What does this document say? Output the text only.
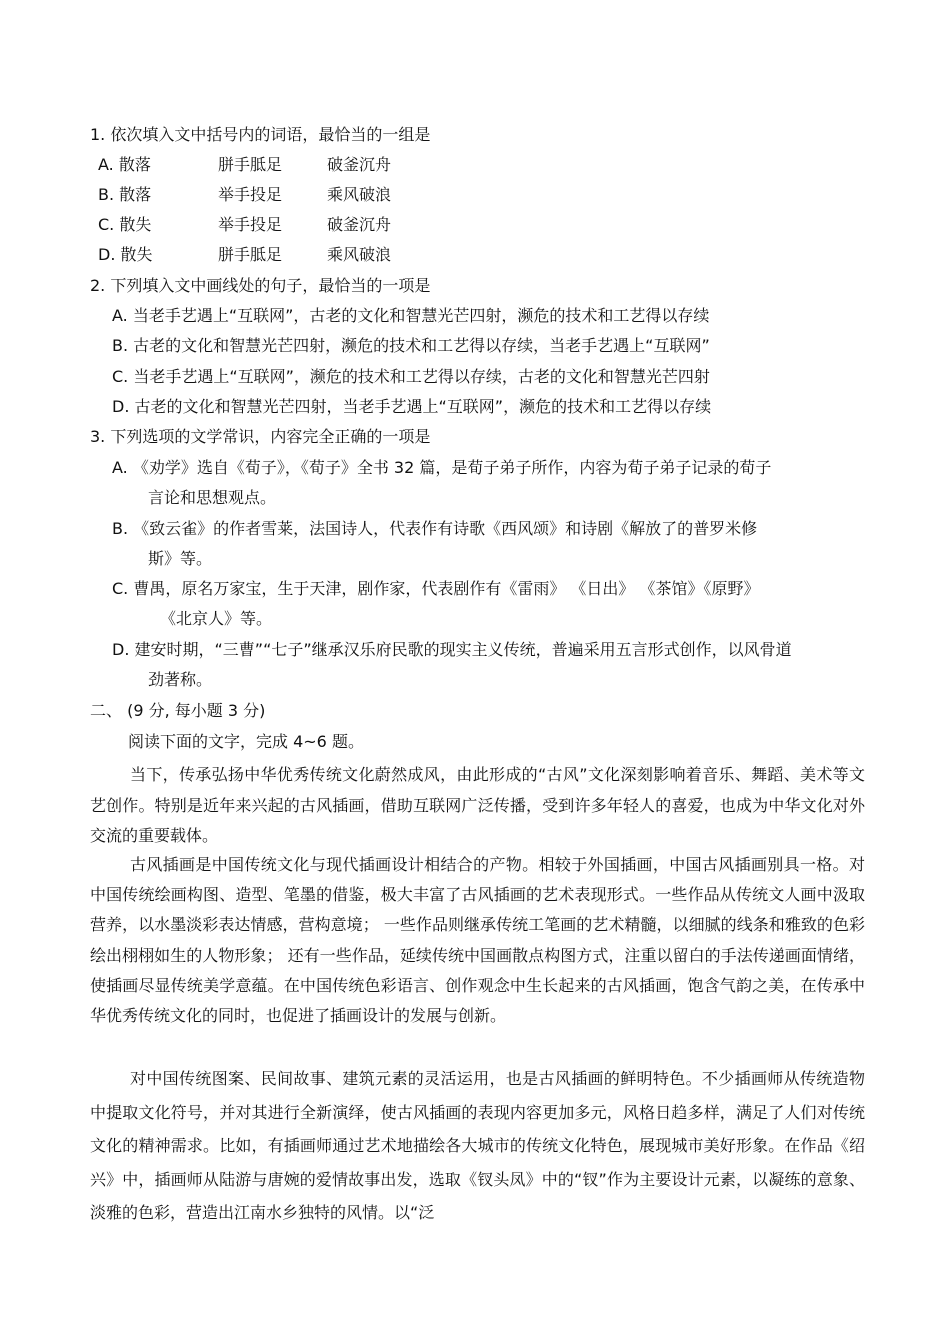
1. 依次填入文中括号内的词语，最恰当的一组是
A. 散落	胼手胝足	破釜沉舟
B. 散落	举手投足	乘风破浪
C. 散失	举手投足	破釜沉舟
D. 散失	胼手胝足	乘风破浪
2. 下列填入文中画线处的句子，最恰当的一项是
A. 当老手艺遇上“互联网”，古老的文化和智慧光芒四射，濒危的技术和工艺得以存续
B. 古老的文化和智慧光芒四射，濒危的技术和工艺得以存续，当老手艺遇上“互联网”
C. 当老手艺遇上“互联网”，濒危的技术和工艺得以存续，古老的文化和智慧光芒四射
D. 古老的文化和智慧光芒四射，当老手艺遇上“互联网”，濒危的技术和工艺得以存续
3. 下列选项的文学常识，内容完全正确的一项是
A. 《劝学》选自《荀子》，《荀子》全书 32 篇，是荀子弟子所作，内容为荀子弟子记录的荀子
言论和思想观点。
B. 《致云雀》的作者雪莱，法国诗人，代表作有诗歌《西风颂》和诗剧《解放了的普罗米修
斯》等。
C. 曹禺，原名万家宝，生于天津，剧作家，代表剧作有《雷雨》 《日出》 《茶馆》《原野》
《北京人》等。
D. 建安时期，“三曹”“七子”继承汉乐府民歌的现实主义传统，普遍采用五言形式创作，以风骨道
劲著称。
二、 (9 分, 每小题 3 分)
阅读下面的文字，完成 4~6 题。
当下，传承弘扬中华优秀传统文化蔚然成风，由此形成的“古风”文化深刻影响着音乐、舞蹈、美术等文艺创作。特别是近年来兴起的古风插画，借助互联网广泛传播，受到许多年轻人的喜爱，也成为中华文化对外交流的重要载体。
古风插画是中国传统文化与现代插画设计相结合的产物。相较于外国插画，中国古风插画别具一格。对中国传统绘画构图、造型、笔墨的借鉴，极大丰富了古风插画的艺术表现形式。一些作品从传统文人画中汲取营养，以水墨淡彩表达情感，营构意境； 一些作品则继承传统工笔画的艺术精髓，以细腻的线条和雅致的色彩绘出栩栩如生的人物形象； 还有一些作品，延续传统中国画散点构图方式，注重以留白的手法传递画面情绪，使插画尽显传统美学意蕴。在中国传统色彩语言、创作观念中生长起来的古风插画，饱含气韵之美，在传承中华优秀传统文化的同时，也促进了插画设计的发展与创新。
对中国传统图案、民间故事、建筑元素的灵活运用，也是古风插画的鲜明特色。不少插画师从传统造物中提取文化符号，并对其进行全新演绎，使古风插画的表现内容更加多元，风格日趋多样，满足了人们对传统文化的精神需求。比如，有插画师通过艺术地描绘各大城市的传统文化特色，展现城市美好形象。在作品《绍兴》中，插画师从陆游与唐婉的爱情故事出发，选取《钗头凤》中的“钗”作为主要设计元素，以凝练的意象、淡雅的色彩，营造出江南水乡独特的风情。以“泛
